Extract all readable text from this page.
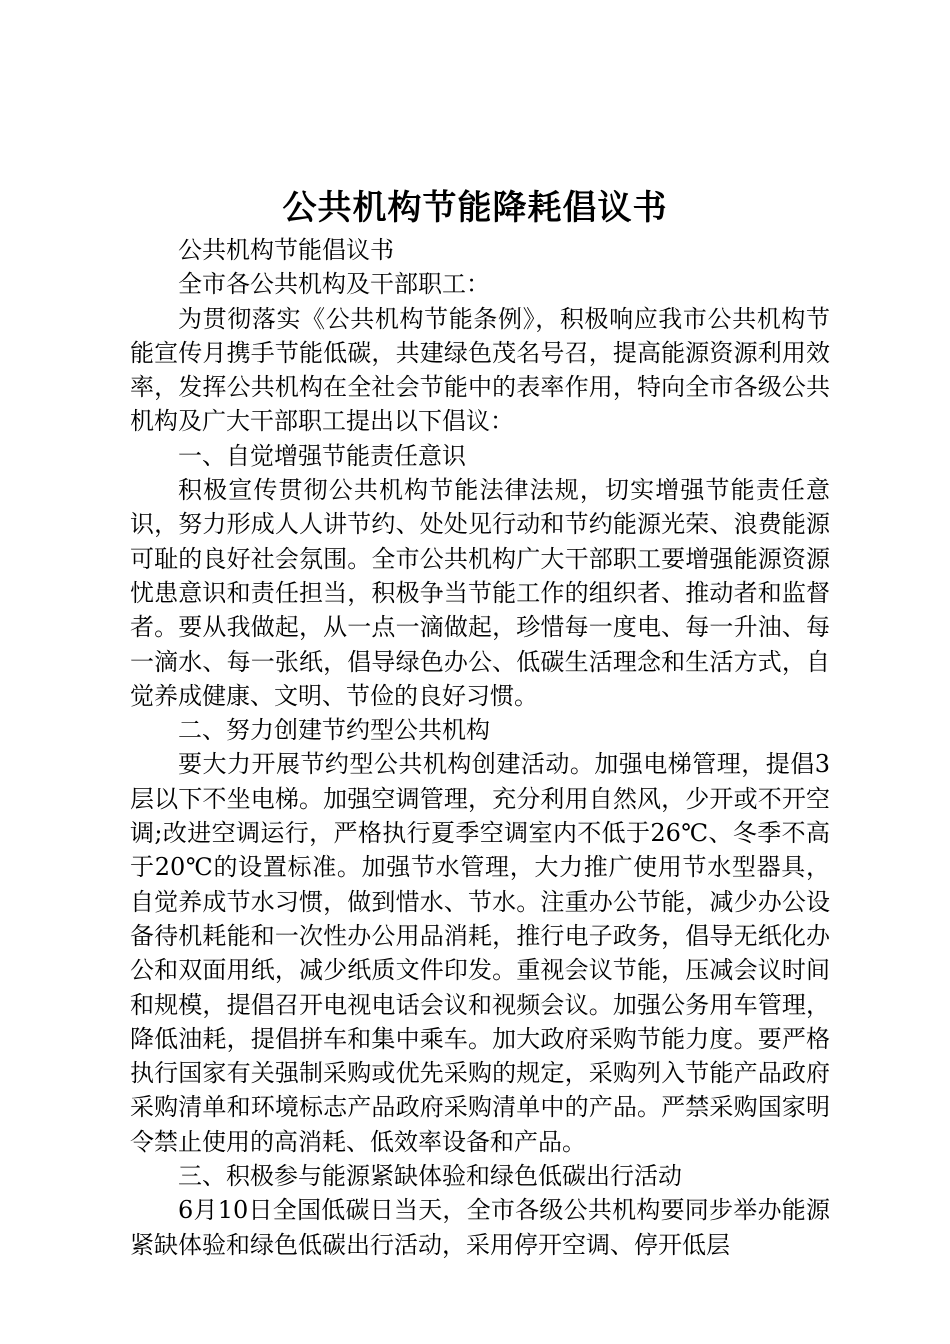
公共机构节能降耗倡议书

公共机构节能倡议书

全市各公共机构及干部职工：

为贯彻落实《公共机构节能条例》，积极响应我市公共机构节能宣传月携手节能低碳，共建绿色茂名号召，提高能源资源利用效率，发挥公共机构在全社会节能中的表率作用，特向全市各级公共机构及广大干部职工提出以下倡议：

一、自觉增强节能责任意识

积极宣传贯彻公共机构节能法律法规，切实增强节能责任意识，努力形成人人讲节约、处处见行动和节约能源光荣、浪费能源可耻的良好社会氛围。全市公共机构广大干部职工要增强能源资源忧患意识和责任担当，积极争当节能工作的组织者、推动者和监督者。要从我做起，从一点一滴做起，珍惜每一度电、每一升油、每一滴水、每一张纸，倡导绿色办公、低碳生活理念和生活方式，自觉养成健康、文明、节俭的良好习惯。

二、努力创建节约型公共机构

要大力开展节约型公共机构创建活动。加强电梯管理，提倡3层以下不坐电梯。加强空调管理，充分利用自然风，少开或不开空调;改进空调运行，严格执行夏季空调室内不低于26℃、冬季不高于20℃的设置标准。加强节水管理，大力推广使用节水型器具，自觉养成节水习惯，做到惜水、节水。注重办公节能，减少办公设备待机耗能和一次性办公用品消耗，推行电子政务，倡导无纸化办公和双面用纸，减少纸质文件印发。重视会议节能，压减会议时间和规模，提倡召开电视电话会议和视频会议。加强公务用车管理，降低油耗，提倡拼车和集中乘车。加大政府采购节能力度。要严格执行国家有关强制采购或优先采购的规定，采购列入节能产品政府采购清单和环境标志产品政府采购清单中的产品。严禁采购国家明令禁止使用的高消耗、低效率设备和产品。

三、积极参与能源紧缺体验和绿色低碳出行活动

6月10日全国低碳日当天，全市各级公共机构要同步举办能源紧缺体验和绿色低碳出行活动，采用停开空调、停开低层
